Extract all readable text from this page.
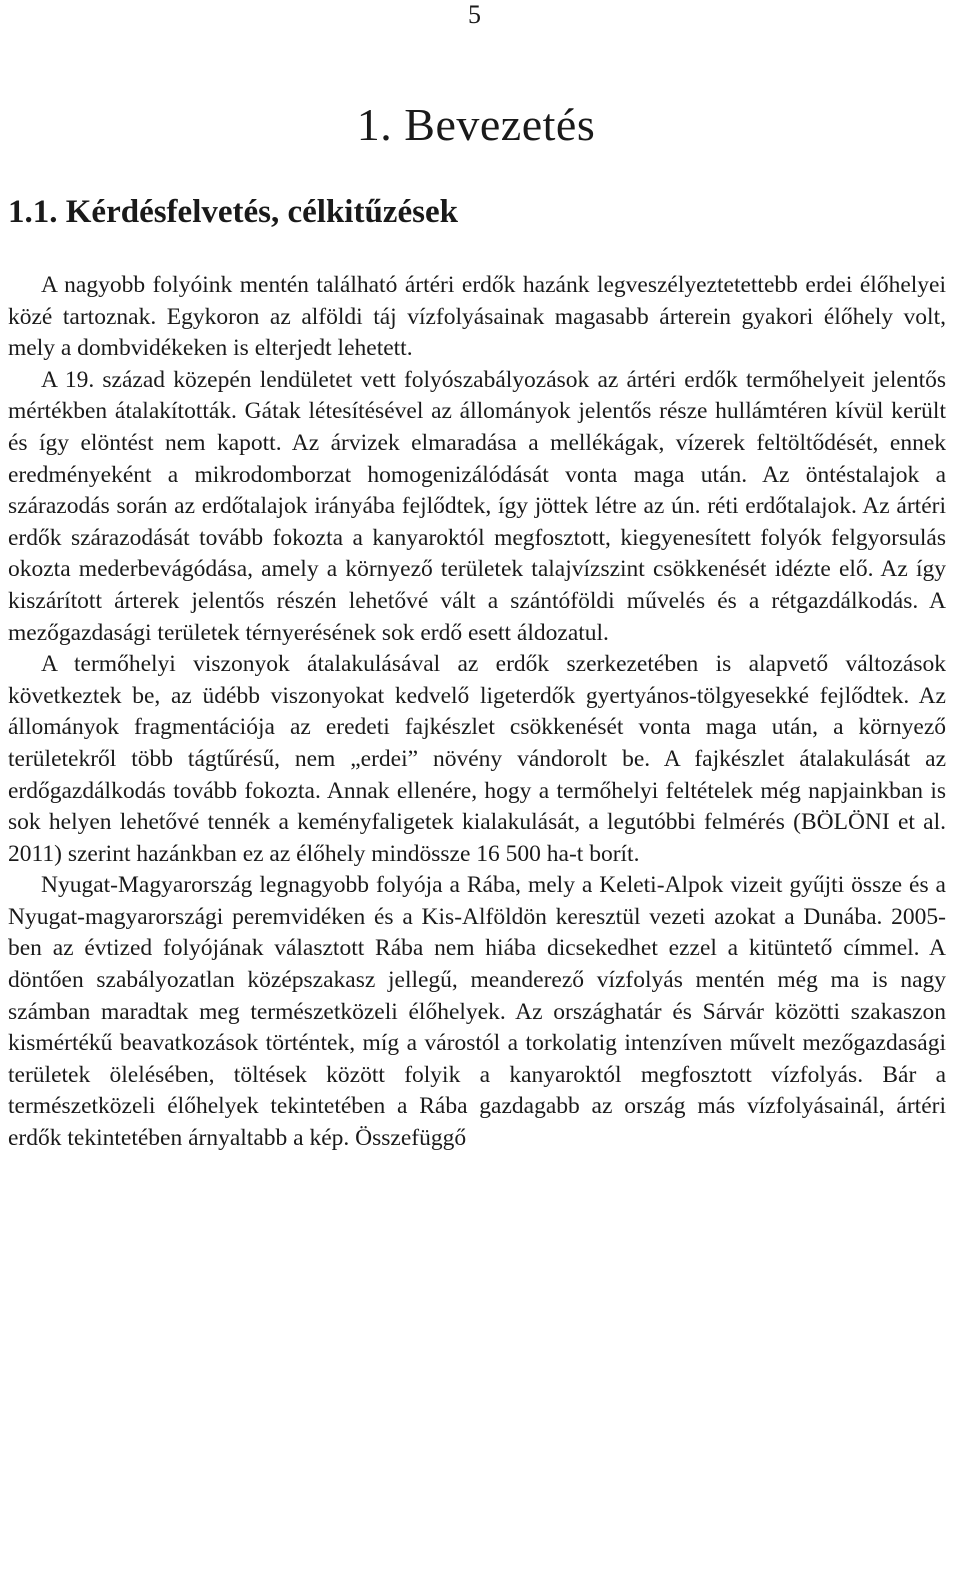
5
1. Bevezetés
1.1. Kérdésfelvetés, célkitűzések

A nagyobb folyóink mentén található ártéri erdők hazánk legveszélyeztetettebb erdei élőhelyei közé tartoznak. Egykoron az alföldi táj vízfolyásainak magasabb árterein gyakori élőhely volt, mely a dombvidékeken is elterjedt lehetett.

A 19. század közepén lendületet vett folyószabályozások az ártéri erdők termőhelyeit jelentős mértékben átalakították. Gátak létesítésével az állományok jelentős része hullámtéren kívül került és így elöntést nem kapott. Az árvizek elmaradása a mellékágak, vízerek feltöltődését, ennek eredményeként a mikrodomborzat homogenizálódását vonta maga után. Az öntéstalajok a szárazodás során az erdőtalajok irányába fejlődtek, így jöttek létre az ún. réti erdőtalajok. Az ártéri erdők szárazodását tovább fokozta a kanyaroktól megfosztott, kiegyenesített folyók felgyorsulás okozta mederbevágódása, amely a környező területek talajvízszint csökkenését idézte elő. Az így kiszárított árterek jelentős részén lehetővé vált a szántóföldi művelés és a rétgazdálkodás. A mezőgazdasági területek térnyerésének sok erdő esett áldozatul.

A termőhelyi viszonyok átalakulásával az erdők szerkezetében is alapvető változások következtek be, az üdébb viszonyokat kedvelő ligeterdők gyertyános-tölgyesekké fejlődtek. Az állományok fragmentációja az eredeti fajkészlet csökkenését vonta maga után, a környező területekről több tágtűrésű, nem „erdei” növény vándorolt be. A fajkészlet átalakulását az erdőgazdálkodás tovább fokozta. Annak ellenére, hogy a termőhelyi feltételek még napjainkban is sok helyen lehetővé tennék a keményfaligetek kialakulását, a legutóbbi felmérés (BÖLÖNI et al. 2011) szerint hazánkban ez az élőhely mindössze 16 500 ha-t borít.

Nyugat-Magyarország legnagyobb folyója a Rába, mely a Keleti-Alpok vizeit gyűjti össze és a Nyugat-magyarországi peremvidéken és a Kis-Alföldön keresztül vezeti azokat a Dunába. 2005-ben az évtized folyójának választott Rába nem hiába dicsekedhet ezzel a kitüntető címmel. A döntően szabályozatlan középszakasz jellegű, meanderező vízfolyás mentén még ma is nagy számban maradtak meg természetközeli élőhelyek. Az országhatár és Sárvár közötti szakaszon kismértékű beavatkozások történtek, míg a várostól a torkolatig intenzíven művelt mezőgazdasági területek ölelésében, töltések között folyik a kanyaroktól megfosztott vízfolyás. Bár a természetközeli élőhelyek tekintetében a Rába gazdagabb az ország más vízfolyásainál, ártéri erdők tekintetében árnyaltabb a kép. Összefüggő
